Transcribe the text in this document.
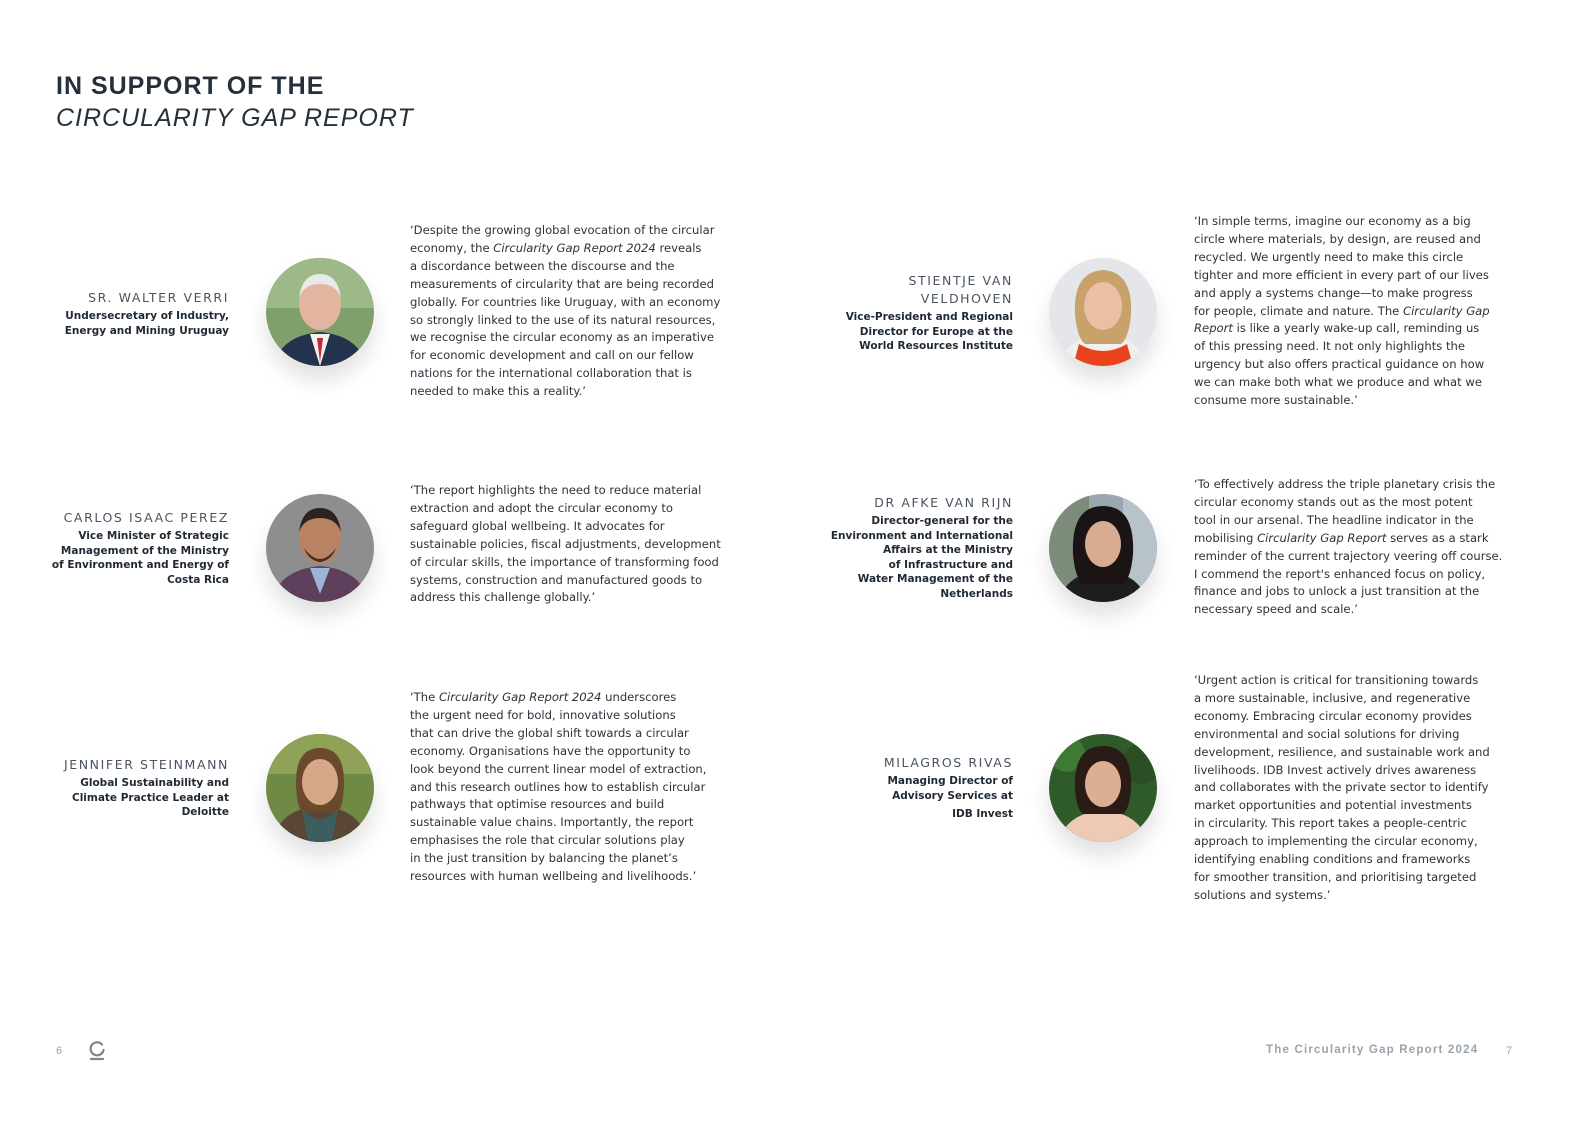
IN SUPPORT OF THE
CIRCULARITY GAP REPORT
SR. WALTER VERRI
Undersecretary of Industry,
Energy and Mining Uruguay

‘Despite the growing global evocation of the circular

economy, the Circularity Gap Report 2024 reveals

a discordance between the discourse and the

measurements of circularity that are being recorded

globally. For countries like Uruguay, with an economy

so strongly linked to the use of its natural resources,

we recognise the circular economy as an imperative

for economic development and call on our fellow

nations for the international collaboration that is

needed to make this a reality.’

CARLOS ISAAC PEREZ
Vice Minister of Strategic
Management of the Ministry
of Environment and Energy of
Costa Rica

‘The report highlights the need to reduce material

extraction and adopt the circular economy to

safeguard global wellbeing. It advocates for

sustainable policies, fiscal adjustments, development

of circular skills, the importance of transforming food

systems, construction and manufactured goods to

address this challenge globally.’

JENNIFER STEINMANN
Global Sustainability and
Climate Practice Leader at
Deloitte

‘The Circularity Gap Report 2024 underscores

the urgent need for bold, innovative solutions

that can drive the global shift towards a circular

economy. Organisations have the opportunity to

look beyond the current linear model of extraction,

and this research outlines how to establish circular

pathways that optimise resources and build

sustainable value chains. Importantly, the report

emphasises the role that circular solutions play

in the just transition by balancing the planet’s

resources with human wellbeing and livelihoods.’

STIENTJE VAN
VELDHOVEN
Vice-President and Regional
Director for Europe at the
World Resources Institute

‘In simple terms, imagine our economy as a big

circle where materials, by design, are reused and

recycled. We urgently need to make this circle

tighter and more efficient in every part of our lives

and apply a systems change—to make progress

for people, climate and nature. The Circularity Gap

Report is like a yearly wake-up call, reminding us

of this pressing need. It not only highlights the

urgency but also offers practical guidance on how

we can make both what we produce and what we

consume more sustainable.’

DR AFKE VAN RIJN
Director-general for the
Environment and International
Affairs at the Ministry
of Infrastructure and
Water Management of the
Netherlands

‘To effectively address the triple planetary crisis the

circular economy stands out as the most potent

tool in our arsenal. The headline indicator in the

mobilising Circularity Gap Report serves as a stark

reminder of the current trajectory veering off course.

I commend the report's enhanced focus on policy,

finance and jobs to unlock a just transition at the

necessary speed and scale.’

MILAGROS RIVAS
Managing Director of
Advisory Services at
IDB Invest

‘Urgent action is critical for transitioning towards

a more sustainable, inclusive, and regenerative

economy. Embracing circular economy provides

environmental and social solutions for driving

development, resilience, and sustainable work and

livelihoods. IDB Invest actively drives awareness

and collaborates with the private sector to identify

market opportunities and potential investments

in circularity. This report takes a people-centric

approach to implementing the circular economy,

identifying enabling conditions and frameworks

for smoother transition, and prioritising targeted

solutions and systems.’

6	The Circularity Gap Report 2024	7
